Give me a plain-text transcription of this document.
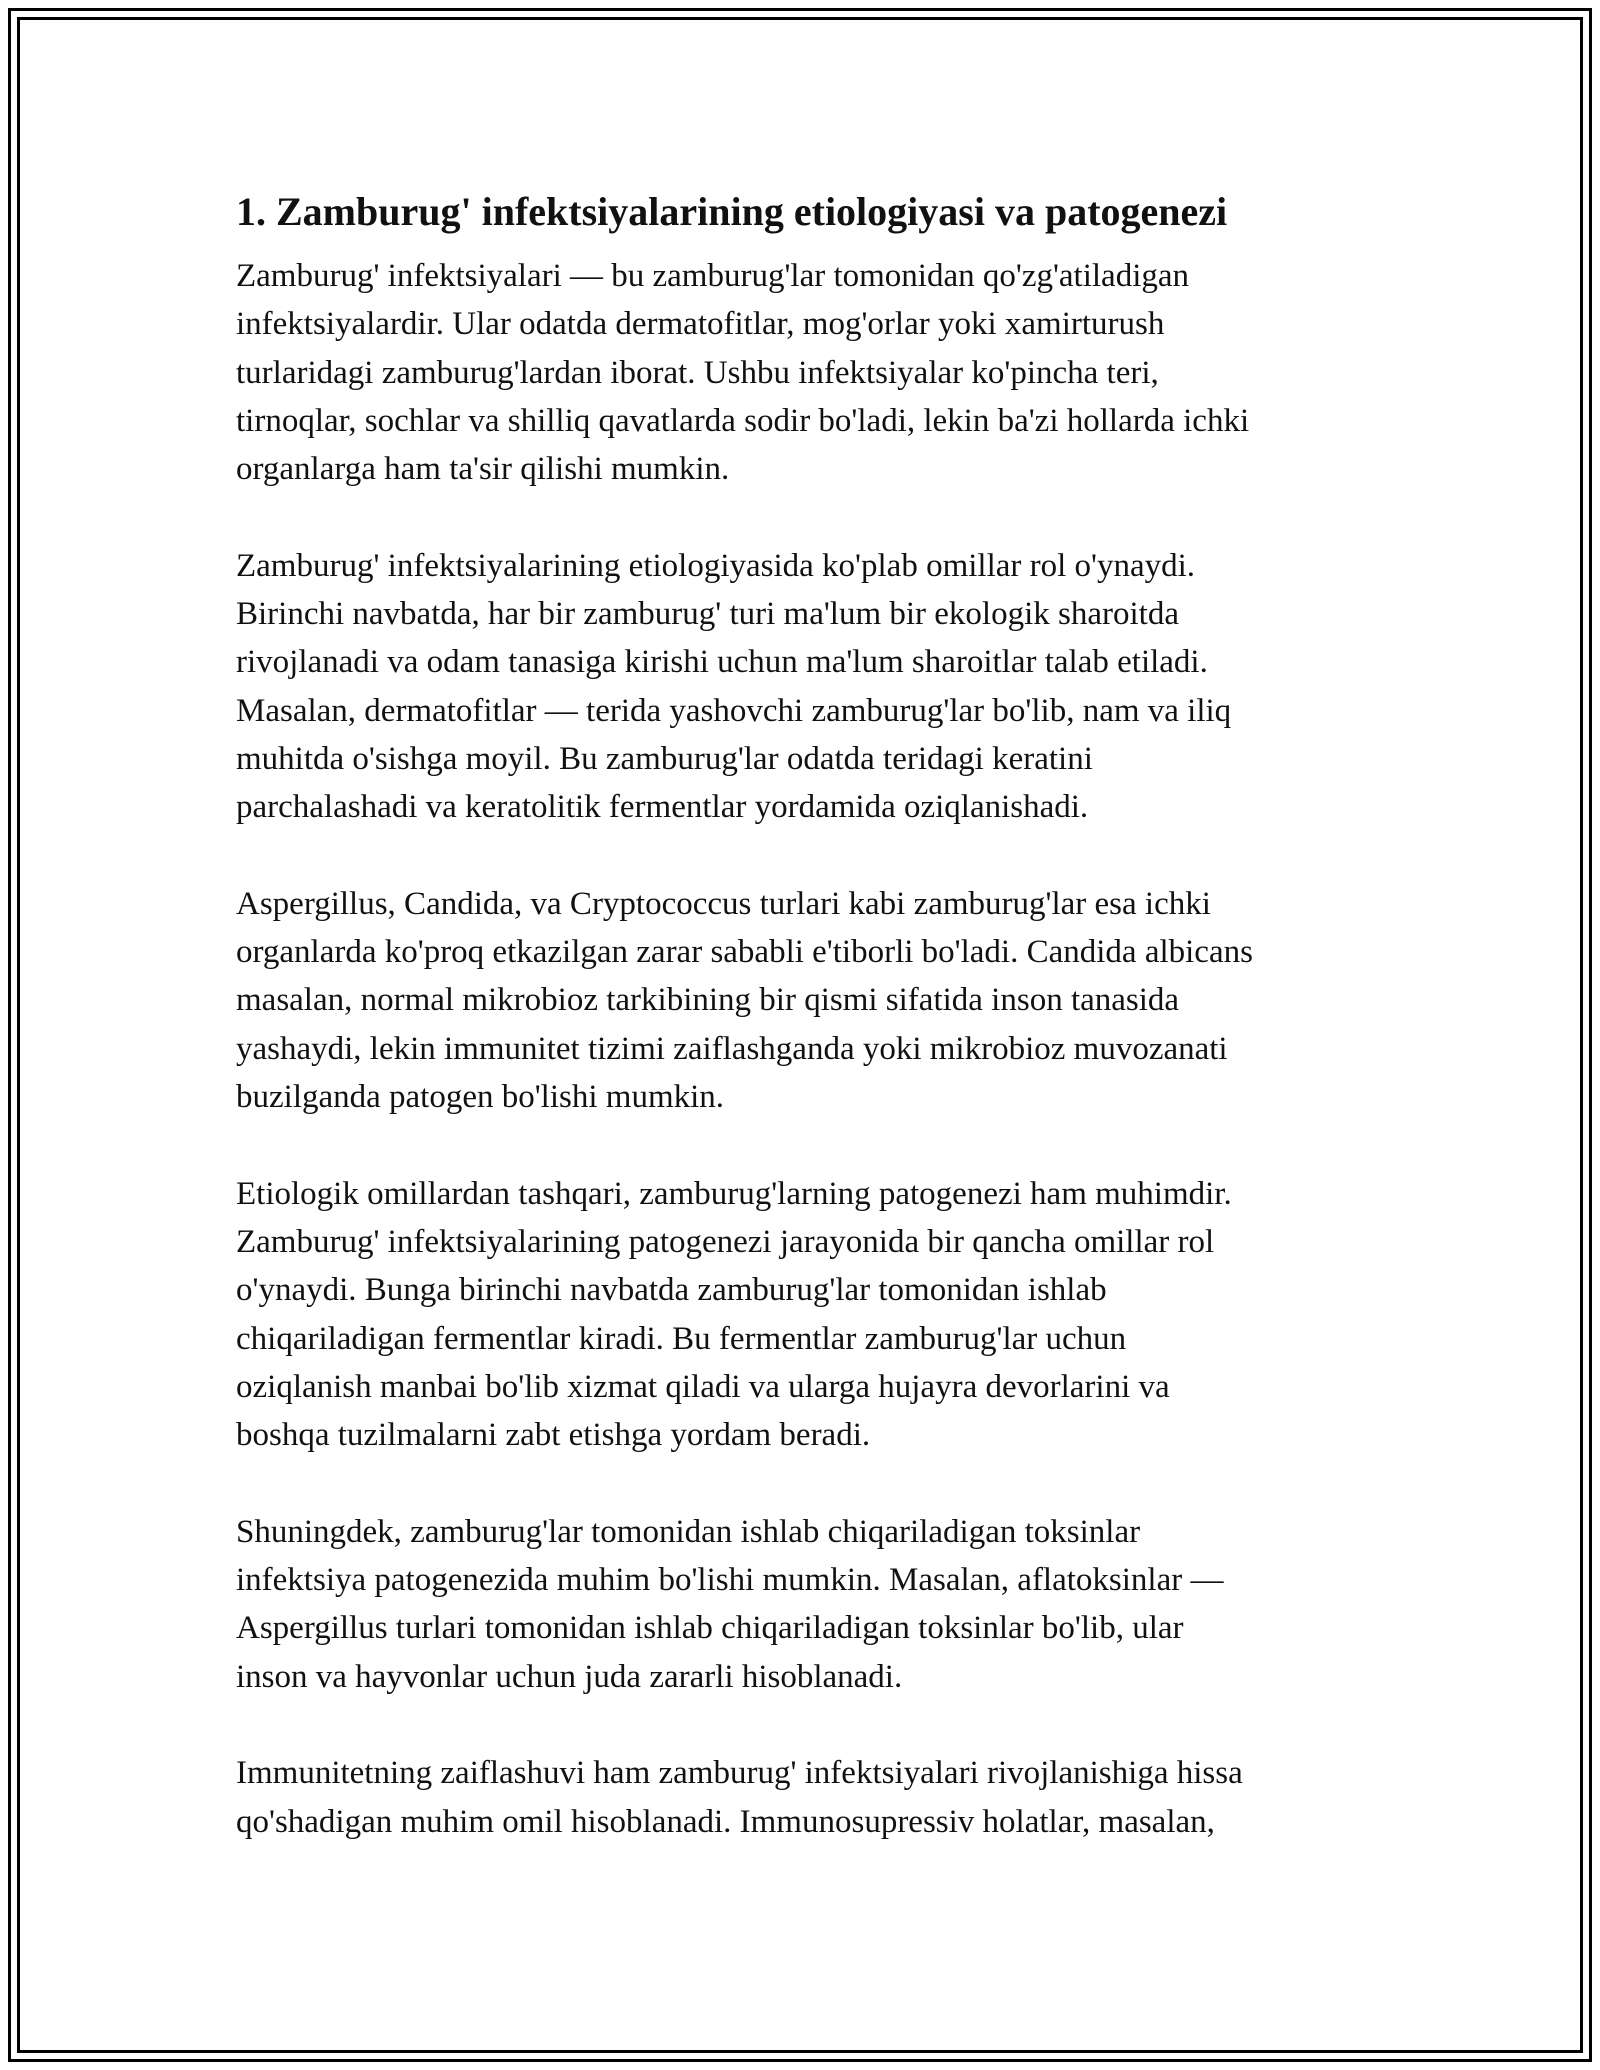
1. Zamburug' infektsiyalarining etiologiyasi va patogenezi

Zamburug' infektsiyalari — bu zamburug'lar tomonidan qo'zg'atiladigan
infektsiyalardir. Ular odatda dermatofitlar, mog'orlar yoki xamirturush
turlaridagi zamburug'lardan iborat. Ushbu infektsiyalar ko'pincha teri,
tirnoqlar, sochlar va shilliq qavatlarda sodir bo'ladi, lekin ba'zi hollarda ichki
organlarga ham ta'sir qilishi mumkin.

Zamburug' infektsiyalarining etiologiyasida ko'plab omillar rol o'ynaydi.
Birinchi navbatda, har bir zamburug' turi ma'lum bir ekologik sharoitda
rivojlanadi va odam tanasiga kirishi uchun ma'lum sharoitlar talab etiladi.
Masalan, dermatofitlar — terida yashovchi zamburug'lar bo'lib, nam va iliq
muhitda o'sishga moyil. Bu zamburug'lar odatda teridagi keratini
parchalashadi va keratolitik fermentlar yordamida oziqlanishadi.

Aspergillus, Candida, va Cryptococcus turlari kabi zamburug'lar esa ichki
organlarda ko'proq etkazilgan zarar sababli e'tiborli bo'ladi. Candida albicans
masalan, normal mikrobioz tarkibining bir qismi sifatida inson tanasida
yashaydi, lekin immunitet tizimi zaiflashganda yoki mikrobioz muvozanati
buzilganda patogen bo'lishi mumkin.

Etiologik omillardan tashqari, zamburug'larning patogenezi ham muhimdir.
Zamburug' infektsiyalarining patogenezi jarayonida bir qancha omillar rol
o'ynaydi. Bunga birinchi navbatda zamburug'lar tomonidan ishlab
chiqariladigan fermentlar kiradi. Bu fermentlar zamburug'lar uchun
oziqlanish manbai bo'lib xizmat qiladi va ularga hujayra devorlarini va
boshqa tuzilmalarni zabt etishga yordam beradi.

Shuningdek, zamburug'lar tomonidan ishlab chiqariladigan toksinlar
infektsiya patogenezida muhim bo'lishi mumkin. Masalan, aflatoksinlar —
Aspergillus turlari tomonidan ishlab chiqariladigan toksinlar bo'lib, ular
inson va hayvonlar uchun juda zararli hisoblanadi.

Immunitetning zaiflashuvi ham zamburug' infektsiyalari rivojlanishiga hissa
qo'shadigan muhim omil hisoblanadi. Immunosupressiv holatlar, masalan,
